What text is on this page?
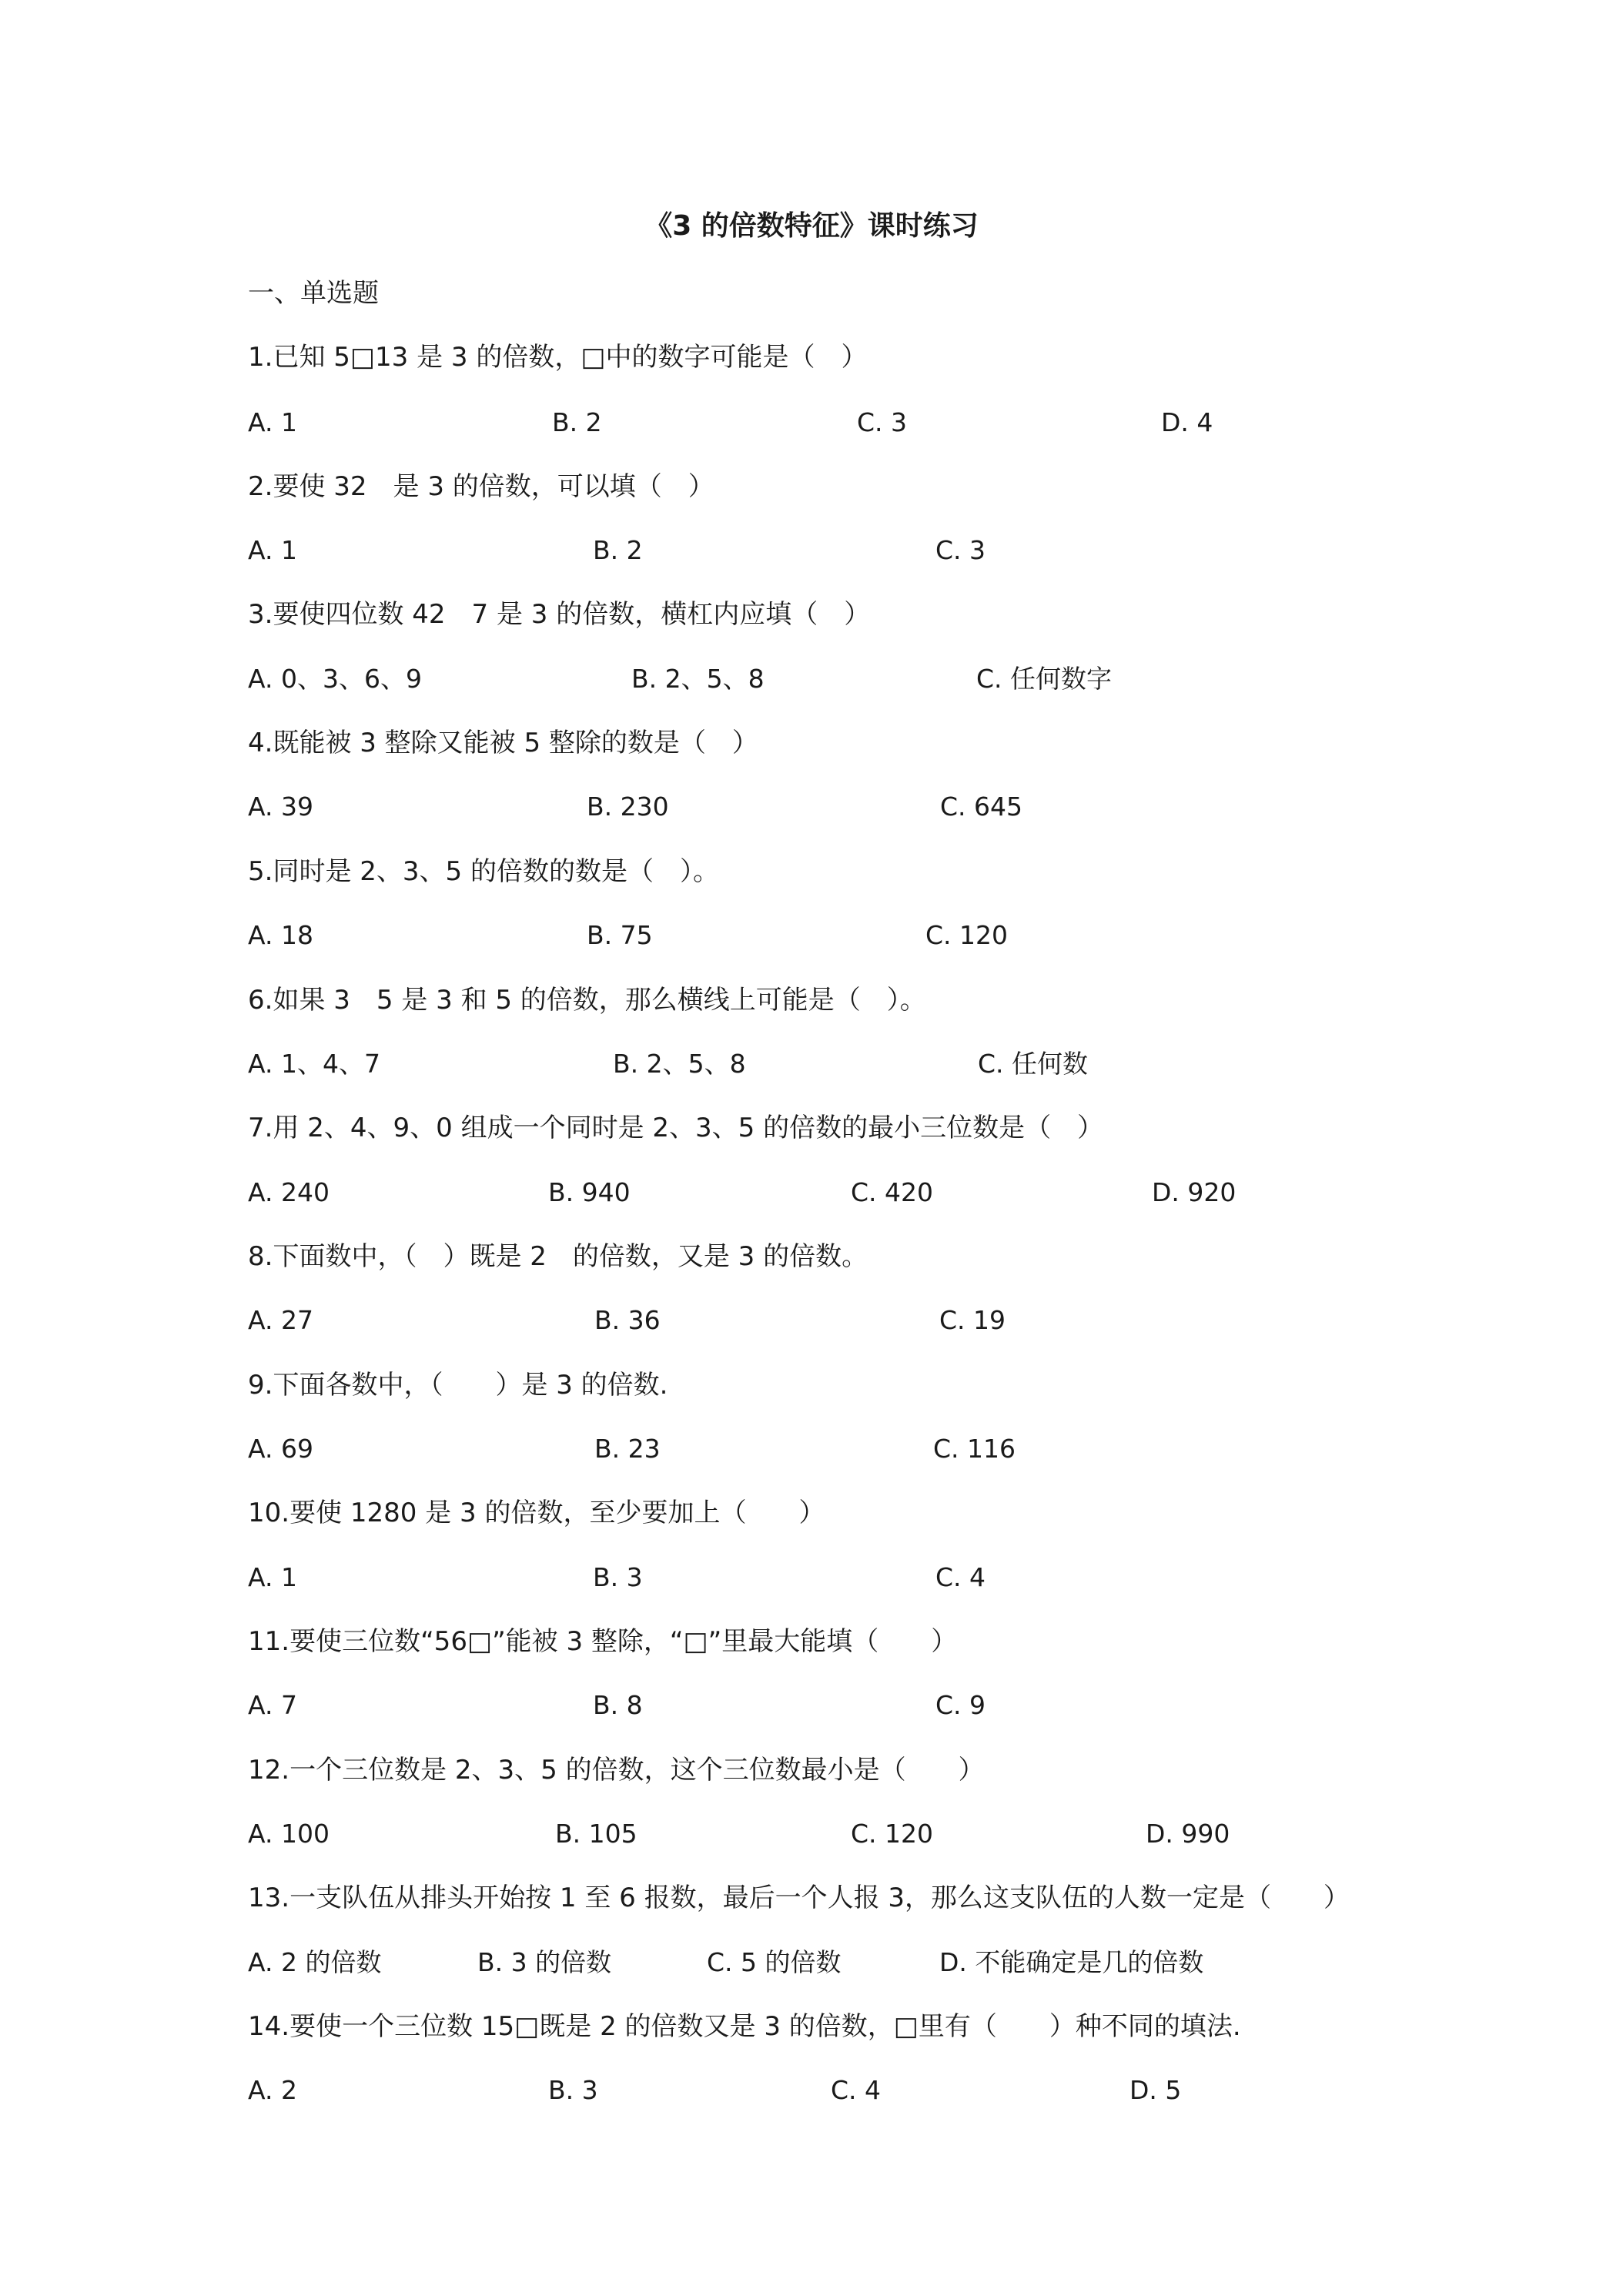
《3 的倍数特征》课时练习
一、单选题
1.已知 5□13 是 3 的倍数，□中的数字可能是（　）
A. 1	B. 2	C. 3	D. 4
2.要使 32　是 3 的倍数，可以填（　）
A. 1	B. 2	C. 3
3.要使四位数 42　7 是 3 的倍数，横杠内应填（　）
A. 0、3、6、9	B. 2、5、8	C. 任何数字
4.既能被 3 整除又能被 5 整除的数是（　）
A. 39	B. 230	C. 645
5.同时是 2、3、5 的倍数的数是（　）。
A. 18	B. 75	C. 120
6.如果 3　5 是 3 和 5 的倍数，那么横线上可能是（　）。
A. 1、4、7	B. 2、5、8	C. 任何数
7.用 2、4、9、0 组成一个同时是 2、3、5 的倍数的最小三位数是（　）
A. 240	B. 940	C. 420	D. 920
8.下面数中，（　）既是 2　的倍数，又是 3 的倍数。
A. 27	B. 36	C. 19
9.下面各数中，（　　）是 3 的倍数.
A. 69	B. 23	C. 116
10.要使 1280 是 3 的倍数，至少要加上（　　）
A. 1	B. 3	C. 4
11.要使三位数“56□”能被 3 整除，“□”里最大能填（　　）
A. 7	B. 8	C. 9
12.一个三位数是 2、3、5 的倍数，这个三位数最小是（　　）
A. 100	B. 105	C. 120	D. 990
13.一支队伍从排头开始按 1 至 6 报数，最后一个人报 3，那么这支队伍的人数一定是（　　）
A. 2 的倍数	B. 3 的倍数	C. 5 的倍数	D. 不能确定是几的倍数
14.要使一个三位数 15□既是 2 的倍数又是 3 的倍数，□里有（　　）种不同的填法.
A. 2	B. 3	C. 4	D. 5
